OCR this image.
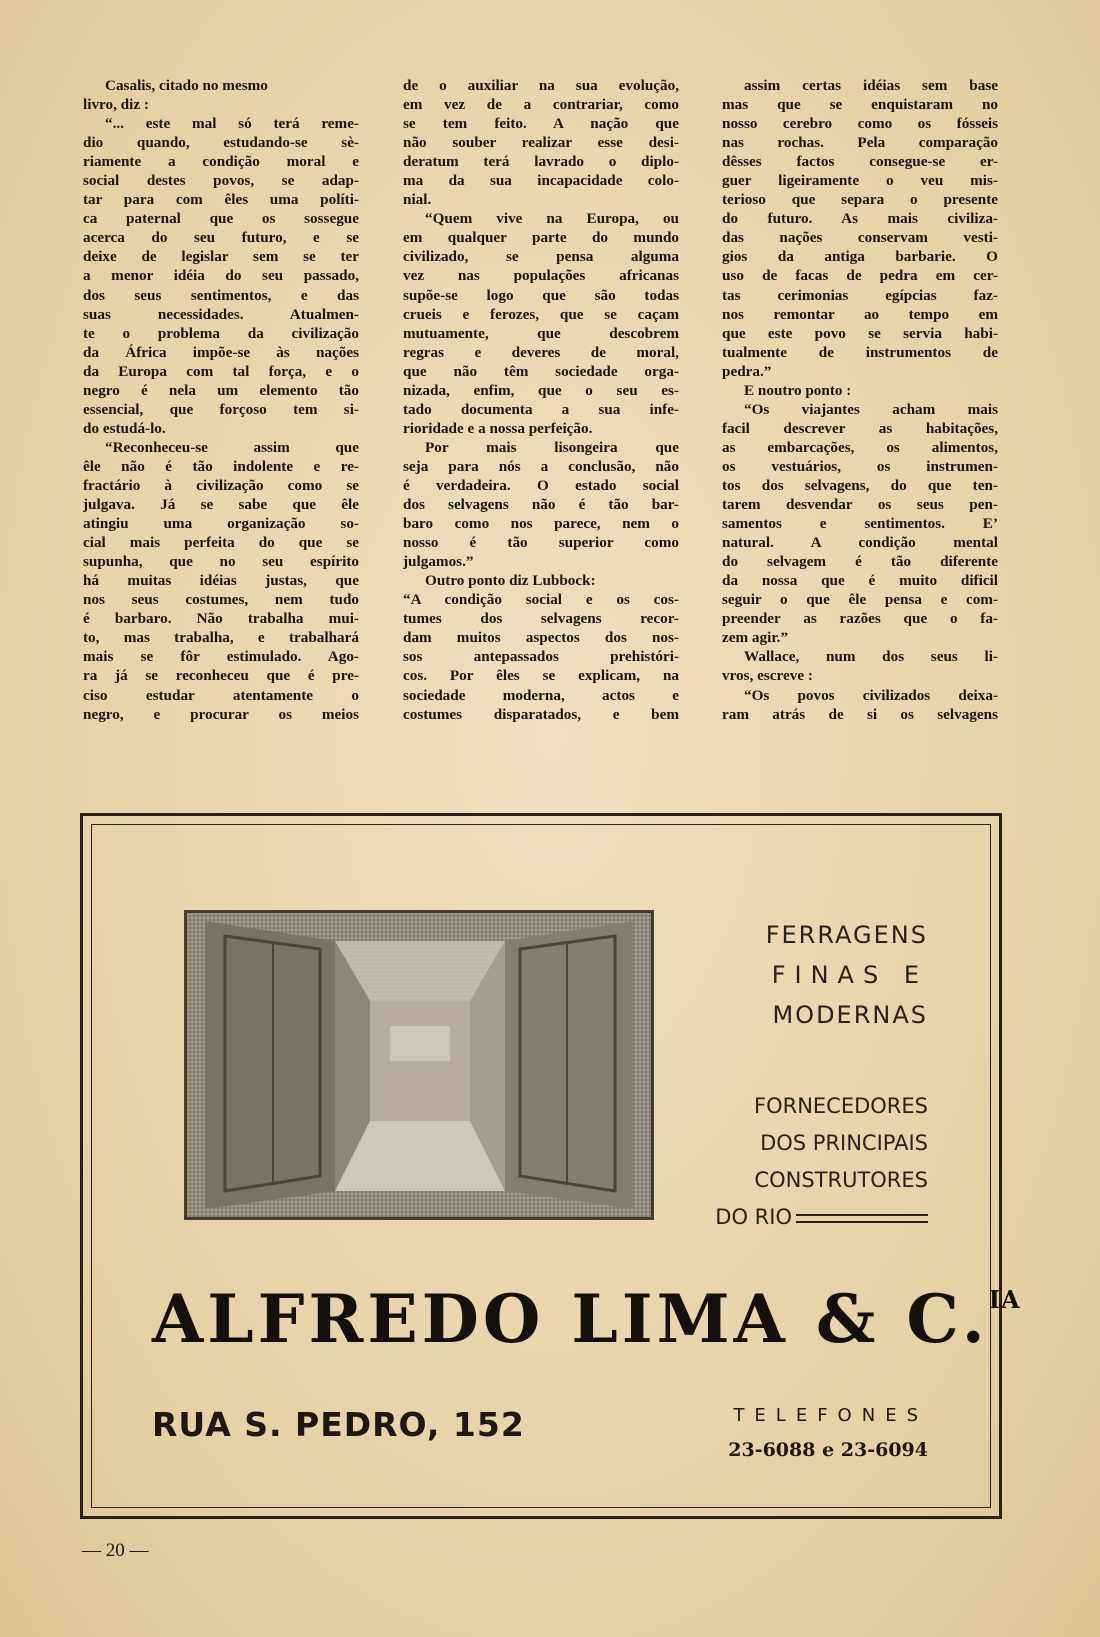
Casalis, citado no mesmo
livro, diz :
“... este mal só terá reme-
dio quando, estudando-se sè-
riamente a condição moral e
social destes povos, se adap-
tar para com êles uma políti-
ca paternal que os sossegue
acerca do seu futuro, e se
deixe de legislar sem se ter
a menor idéia do seu passado,
dos seus sentimentos, e das
suas necessidades. Atualmen-
te o problema da civilização
da África impõe-se às nações
da Europa com tal força, e o
negro é nela um elemento tão
essencial, que forçoso tem si-
do estudá-lo.
“Reconheceu-se assim que
êle não é tão indolente e re-
fractário à civilização como se
julgava. Já se sabe que êle
atingiu uma organização so-
cial mais perfeita do que se
supunha, que no seu espírito
há muitas idéias justas, que
nos seus costumes, nem tudo
é barbaro. Não trabalha mui-
to, mas trabalha, e trabalhará
mais se fôr estimulado. Ago-
ra já se reconheceu que é pre-
ciso estudar atentamente o
negro, e procurar os meios
de o auxiliar na sua evolução,
em vez de a contrariar, como
se tem feito. A nação que
não souber realizar esse desi-
deratum terá lavrado o diplo-
ma da sua incapacidade colo-
nial.
“Quem vive na Europa, ou
em qualquer parte do mundo
civilizado, se pensa alguma
vez nas populações africanas
supõe-se logo que são todas
crueis e ferozes, que se caçam
mutuamente, que descobrem
regras e deveres de moral,
que não têm sociedade orga-
nizada, enfim, que o seu es-
tado documenta a sua infe-
rioridade e a nossa perfeição.
Por mais lisongeira que
seja para nós a conclusão, não
é verdadeira. O estado social
dos selvagens não é tão bar-
baro como nos parece, nem o
nosso é tão superior como
julgamos.”
Outro ponto diz Lubbock:
“A condição social e os cos-
tumes dos selvagens recor-
dam muitos aspectos dos nos-
sos antepassados prehistóri-
cos. Por êles se explicam, na
sociedade moderna, actos e
costumes disparatados, e bem
assim certas idéias sem base
mas que se enquistaram no
nosso cerebro como os fósseis
nas rochas. Pela comparação
dêsses factos consegue-se er-
guer ligeiramente o veu mis-
terioso que separa o presente
do futuro. As mais civiliza-
das nações conservam vesti-
gios da antiga barbarie. O
uso de facas de pedra em cer-
tas cerimonias egípcias faz-
nos remontar ao tempo em
que este povo se servia habi-
tualmente de instrumentos de
pedra.”
E noutro ponto :
“Os viajantes acham mais
facil descrever as habitações,
as embarcações, os alimentos,
os vestuários, os instrumen-
tos dos selvagens, do que ten-
tarem desvendar os seus pen-
samentos e sentimentos. E’
natural. A condição mental
do selvagem é tão diferente
da nossa que é muito dificil
seguir o que êle pensa e com-
preender as razões que o fa-
zem agir.”
Wallace, num dos seus li-
vros, escreve :
“Os povos civilizados deixa-
ram atrás de si os selvagens
FERRAGENS
FINAS E
MODERNAS
FORNECEDORES
DOS PRINCIPAIS
CONSTRUTORES
DO RIO
ALFREDO LIMA & C.$^{IA}$
RUA S. PEDRO, 152	TELEFONES
23-6088 e 23-6094
— 20 —
